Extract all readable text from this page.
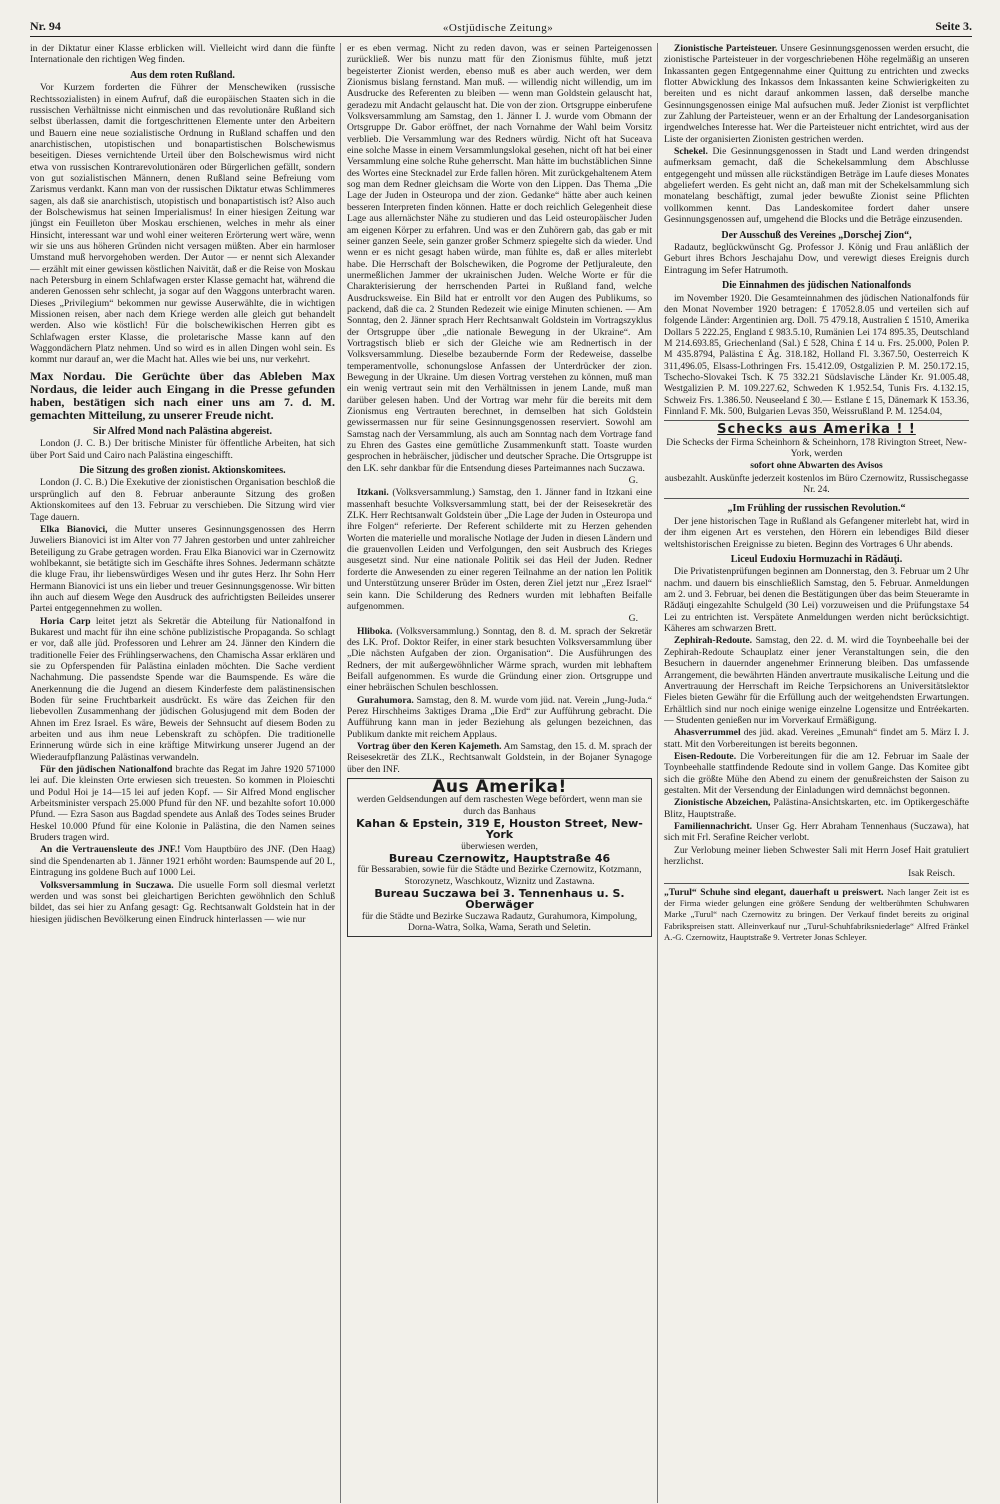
Nr. 94	«Ostjüdische Zeitung»	Seite 3.

in der Diktatur einer Klasse erblicken will. Vielleicht wird dann die fünfte Internationale den richtigen Weg finden.

Aus dem roten Rußland.

Vor Kurzem forderten die Führer der Menschewiken (russische Rechtssozialisten) in einem Aufruf, daß die europäischen Staaten sich in die russischen Verhältnisse nicht einmischen und das revolutionäre Rußland sich selbst überlassen, damit die fortgeschrittenen Elemente unter den Arbeitern und Bauern eine neue sozialistische Ordnung in Rußland schaffen und den anarchistischen, utopistischen und bonapartistischen Bolschewismus beseitigen. Dieses vernichtende Urteil über den Bolschewismus wird nicht etwa von russischen Kontrarevolutionären oder Bürgerlichen gefällt, sondern von gut sozialistischen Männern, denen Rußland seine Befreiung vom Zarismus verdankt. Kann man von der russischen Diktatur etwas Schlimmeres sagen, als daß sie anarchistisch, utopistisch und bonapartistisch ist? Also auch der Bolschewismus hat seinen Imperialismus! In einer hiesigen Zeitung war jüngst ein Feuilleton über Moskau erschienen, welches in mehr als einer Hinsicht, interessant war und wohl einer weiteren Erörterung wert wäre, wenn wir sie uns aus höheren Gründen nicht versagen müßten. Aber ein harmloser Umstand muß hervorgehoben werden. Der Autor — er nennt sich Alexander — erzählt mit einer gewissen köstlichen Naivität, daß er die Reise von Moskau nach Petersburg in einem Schlafwagen erster Klasse gemacht hat, während die anderen Genossen sehr schlecht, ja sogar auf den Waggons unterbracht waren. Dieses „Privilegium“ bekommen nur gewisse Auserwählte, die in wichtigen Missionen reisen, aber nach dem Kriege werden alle gleich gut behandelt werden. Also wie köstlich! Für die bolschewikischen Herren gibt es Schlafwagen erster Klasse, die proletarische Masse kann auf den Waggondächern Platz nehmen. Und so wird es in allen Dingen wohl sein. Es kommt nur darauf an, wer die Macht hat. Alles wie bei uns, nur verkehrt.

Max Nordau. Die Gerüchte über das Ableben Max Nordaus, die leider auch Eingang in die Presse gefunden haben, bestätigen sich nach einer uns am 7. d. M. gemachten Mitteilung, zu unserer Freude nicht.
Sir Alfred Mond nach Palästina abgereist.

London (J. C. B.) Der britische Minister für öffentliche Arbeiten, hat sich über Port Said und Cairo nach Palästina eingeschifft.

Die Sitzung des großen zionist. Aktionskomitees.

London (J. C. B.) Die Exekutive der zionistischen Organisation beschloß die ursprünglich auf den 8. Februar anberaunte Sitzung des großen Aktionskomitees auf den 13. Februar zu verschieben. Die Sitzung wird vier Tage dauern.

Elka Bianovici, die Mutter unseres Gesinnungsgenossen des Herrn Juweliers Bianovici ist im Alter von 77 Jahren gestorben und unter zahlreicher Beteiligung zu Grabe getragen worden. Frau Elka Bianovici war in Czernowitz wohlbekannt, sie betätigte sich im Geschäfte ihres Sohnes. Jedermann schätzte die kluge Frau, ihr liebenswürdiges Wesen und ihr gutes Herz. Ihr Sohn Herr Hermann Bianovici ist uns ein lieber und treuer Gesinnungsgenosse. Wir bitten ihn auch auf diesem Wege den Ausdruck des aufrichtigsten Beileides unserer Partei entgegennehmen zu wollen.

Horia Carp leitet jetzt als Sekretär die Abteilung für Nationalfond in Bukarest und macht für ihn eine schöne publizistische Propaganda. So schlagt er vor, daß alle jüd. Professoren und Lehrer am 24. Jänner den Kindern die traditionelle Feier des Frühlingserwachens, den Chamischa Assar erklären und sie zu Opferspenden für Palästina einladen möchten. Die Sache verdient Nachahmung. Die passendste Spende war die Baumspende. Es wäre die Anerkennung die die Jugend an diesem Kinderfeste dem palästinensischen Boden für seine Fruchtbarkeit ausdrückt. Es wäre das Zeichen für den liebevollen Zusammenhang der jüdischen Golusjugend mit dem Boden der Ahnen im Erez Israel. Es wäre, Beweis der Sehnsucht auf diesem Boden zu arbeiten und aus ihm neue Lebenskraft zu schöpfen. Die traditionelle Erinnerung würde sich in eine kräftige Mitwirkung unserer Jugend an der Wiederaufpflanzung Palästinas verwandeln.

Für den jüdischen Nationalfond brachte das Regat im Jahre 1920 571000 lei auf. Die kleinsten Orte erwiesen sich treuesten. So kommen in Ploieschti und Podul Hoi je 14—15 lei auf jeden Kopf. — Sir Alfred Mond englischer Arbeitsminister verspach 25.000 Pfund für den NF. und bezahlte sofort 10.000 Pfund. — Ezra Sason aus Bagdad spendete aus Anlaß des Todes seines Bruder Heskel 10.000 Pfund für eine Kolonie in Palästina, die den Namen seines Bruders tragen wird.

An die Vertrauensleute des JNF.! Vom Hauptbüro des JNF. (Den Haag) sind die Spendenarten ab 1. Jänner 1921 erhöht worden: Baumspende auf 20 L, Eintragung ins goldene Buch auf 1000 Lei.

Volksversammlung in Suczawa. Die usuelle Form soll diesmal verletzt werden und was sonst bei gleichartigen Berichten gewöhnlich den Schluß bildet, das sei hier zu Anfang gesagt: Gg. Rechtsanwalt Goldstein hat in der hiesigen jüdischen Bevölkerung einen Eindruck hinterlassen — wie nur

er es eben vermag. Nicht zu reden davon, was er seinen Parteigenossen zurückließ. Wer bis nunzu matt für den Zionismus fühlte, muß jetzt begeisterter Zionist werden, ebenso muß es aber auch werden, wer dem Zionismus bislang fernstand. Man muß. — willendig nicht willendig, um im Ausdrucke des Referenten zu bleiben — wenn man Goldstein gelauscht hat, geradezu mit Andacht gelauscht hat. Die von der zion. Ortsgruppe einberufene Volksversammlung am Samstag, den 1. Jänner I. J. wurde vom Obmann der Ortsgruppe Dr. Gabor eröffnet, der nach Vornahme der Wahl beim Vorsitz verblieb. Die Versammlung war des Redners würdig. Nicht oft hat Suceava eine solche Masse in einem Versammlungslokal gesehen, nicht oft hat bei einer Versammlung eine solche Ruhe geherrscht. Man hätte im buchstäblichen Sinne des Wortes eine Stecknadel zur Erde fallen hören. Mit zurückgehaltenem Atem sog man dem Redner gleichsam die Worte von den Lippen. Das Thema „Die Lage der Juden in Osteuropa und der zion. Gedanke“ hätte aber auch keinen besseren Interpreten finden können. Hatte er doch reichlich Gelegenheit diese Lage aus allernächster Nähe zu studieren und das Leid osteuropäischer Juden am eigenen Körper zu erfahren. Und was er den Zuhörern gab, das gab er mit seiner ganzen Seele, sein ganzer großer Schmerz spiegelte sich da wieder. Und wenn er es nicht gesagt haben würde, man fühlte es, daß er alles miterlebt habe. Die Herrschaft der Bolschewiken, die Pogrome der Petljuraleute, den unermeßlichen Jammer der ukrainischen Juden. Welche Worte er für die Charakterisierung der herrschenden Partei in Rußland fand, welche Ausdrucksweise. Ein Bild hat er entrollt vor den Augen des Publikums, so packend, daß die ca. 2 Stunden Redezeit wie einige Minuten schienen. — Am Sonntag, den 2. Jänner sprach Herr Rechtsanwalt Goldstein im Vortragszyklus der Ortsgruppe über „die nationale Bewegung in der Ukraine“. Am Vortragstisch blieb er sich der Gleiche wie am Rednertisch in der Volksversammlung. Dieselbe bezaubernde Form der Redeweise, dasselbe temperamentvolle, schonungslose Anfassen der Unterdrücker der zion. Bewegung in der Ukraine. Um diesen Vortrag verstehen zu können, muß man ein wenig vertraut sein mit den Verhältnissen in jenem Lande, muß man darüber gelesen haben. Und der Vortrag war mehr für die bereits mit dem Zionismus eng Vertrauten berechnet, in demselben hat sich Goldstein gewissermassen nur für seine Gesinnungsgenossen reserviert. Sowohl am Samstag nach der Versammlung, als auch am Sonntag nach dem Vortrage fand zu Ehren des Gastes eine gemütliche Zusammenkunft statt. Toaste wurden gesprochen in hebräischer, jüdischer und deutscher Sprache. Die Ortsgruppe ist den LK. sehr dankbar für die Entsendung dieses Parteimannes nach Suczawa.

G.

Itzkani. (Volksversammlung.) Samstag, den 1. Jänner fand in Itzkani eine massenhaft besuchte Volksversammlung statt, bei der der Reisesekretär des ZLK. Herr Rechtsanwalt Goldstein über „Die Lage der Juden in Osteuropa und ihre Folgen“ referierte. Der Referent schilderte mit zu Herzen gehenden Worten die materielle und moralische Notlage der Juden in diesen Ländern und die grauenvollen Leiden und Verfolgungen, den seit Ausbruch des Krieges ausgesetzt sind. Nur eine nationale Politik sei das Heil der Juden. Redner forderte die Anwesenden zu einer regeren Teilnahme an der nation len Politik und Unterstützung unserer Brüder im Osten, deren Ziel jetzt nur „Erez Israel“ sein kann. Die Schilderung des Redners wurden mit lebhaften Beifalle aufgenommen.

G.

Hliboka. (Volksversammlung.) Sonntag, den 8. d. M. sprach der Sekretär des LK. Prof. Doktor Reifer, in einer stark besuchten Volksversammlung über „Die nächsten Aufgaben der zion. Organisation“. Die Ausführungen des Redners, der mit außergewöhnlicher Wärme sprach, wurden mit lebhaftem Beifall aufgenommen. Es wurde die Gründung einer zion. Ortsgruppe und einer hebräischen Schulen beschlossen.

Gurahumora. Samstag, den 8. M. wurde vom jüd. nat. Verein „Jung-Juda.“ Perez Hirschheims 3aktiges Drama „Die Erd“ zur Aufführung gebracht. Die Aufführung kann man in jeder Beziehung als gelungen bezeichnen, das Publikum dankte mit reichem Applaus.

Vortrag über den Keren Kajemeth. Am Samstag, den 15. d. M. sprach der Reisesekretär des ZLK., Rechtsanwalt Goldstein, in der Bojaner Synagoge über den INF.

Aus Amerika!

werden Geldsendungen auf dem raschesten Wege befördert, wenn man sie durch das Banhaus

Kahan & Epstein, 319 E, Houston Street, New-York

überwiesen werden,

Bureau Czernowitz, Hauptstraße 46

für Bessarabien, sowie für die Städte und Bezirke Czernowitz, Kotzmann, Storozynetz, Waschkoutz, Wiznitz und Zastawna.

Bureau Suczawa bei 3. Tennenhaus u. S. Oberwäger

für die Städte und Bezirke Suczawa Radautz, Gurahumora, Kimpolung, Dorna-Watra, Solka, Wama, Serath und Seletin.

Zionistische Parteisteuer. Unsere Gesinnungsgenossen werden ersucht, die zionistische Parteisteuer in der vorgeschriebenen Höhe regelmäßig an unseren Inkassanten gegen Entgegennahme einer Quittung zu entrichten und zwecks flotter Abwicklung des Inkassos dem Inkassanten keine Schwierigkeiten zu bereiten und es nicht darauf ankommen lassen, daß derselbe manche Gesinnungsgenossen einige Mal aufsuchen muß. Jeder Zionist ist verpflichtet zur Zahlung der Parteisteuer, wenn er an der Erhaltung der Landesorganisation irgendwelches Interesse hat. Wer die Parteisteuer nicht entrichtet, wird aus der Liste der organisierten Zionisten gestrichen werden.

Schekel. Die Gesinnungsgenossen in Stadt und Land werden dringendst aufmerksam gemacht, daß die Schekelsammlung dem Abschlusse entgegengeht und müssen alle rückständigen Beträge im Laufe dieses Monates abgeliefert werden. Es geht nicht an, daß man mit der Schekelsammlung sich monatelang beschäftigt, zumal jeder bewußte Zionist seine Pflichten vollkommen kennt. Das Landeskomitee fordert daher unsere Gesinnungsgenossen auf, umgehend die Blocks und die Beträge einzusenden.

Der Ausschuß des Vereines „Dorschej Zion“,

Radautz, beglückwünscht Gg. Professor J. König und Frau anläßlich der Geburt ihres Bchors Jeschajahu Dow, und verewigt dieses Ereignis durch Eintragung im Sefer Hatrumoth.

Die Einnahmen des jüdischen Nationalfonds

im November 1920. Die Gesamteinnahmen des jüdischen Nationalfonds für den Monat November 1920 betragen: £ 17052.8.05 und verteilen sich auf folgende Länder: Argentinien arg. Doll. 75 479.18, Australien £ 1510, Amerika Dollars 5 222.25, England £ 983.5.10, Rumänien Lei 174 895.35, Deutschland M 214.693.85, Griechenland (Sal.) £ 528, China £ 14 u. Frs. 25.000, Polen P. M 435.8794, Palästina £ Äg. 318.182, Holland Fl. 3.367.50, Oesterreich K 311,496.05, Elsass-Lothringen Frs. 15.412.09, Ostgalizien P. M. 250.172.15, Tschecho-Slovakei Tsch. K 75 332.21 Südslavische Länder Kr. 91.005.48, Westgalizien P. M. 109.227.62, Schweden K 1.952.54, Tunis Frs. 4.132.15, Schweiz Frs. 1.386.50. Neuseeland £ 30.— Estlane £ 15, Dänemark K 153.36, Finnland F. Mk. 500, Bulgarien Levas 350, Weissrußland P. M. 1254.04,

Schecks aus Amerika ! !

Die Schecks der Firma Scheinhorn & Scheinhorn, 178 Rivington Street, New-York, werden

sofort ohne Abwarten des Avisos

ausbezahlt. Auskünfte jederzeit kostenlos im Büro Czernowitz, Russischegasse Nr. 24.

„Im Frühling der russischen Revolution.“

Der jene historischen Tage in Rußland als Gefangener miterlebt hat, wird in der ihm eigenen Art es verstehen, den Hörern ein lebendiges Bild dieser weltshistorischen Ereignisse zu bieten. Beginn des Vortrages 6 Uhr abends.

Liceul Eudoxiu Hormuzachi in Rădăuţi.

Die Privatistenprüfungen beginnen am Donnerstag, den 3. Februar um 2 Uhr nachm. und dauern bis einschließlich Samstag, den 5. Februar. Anmeldungen am 2. und 3. Februar, bei denen die Bestätigungen über das beim Steueramte in Rădăuţi eingezahlte Schulgeld (30 Lei) vorzuweisen und die Prüfungstaxe 54 Lei zu entrichten ist. Verspätete Anmeldungen werden nicht berücksichtigt. Käheres am schwarzen Brett.

Zephirah-Redoute. Samstag, den 22. d. M. wird die Toynbeehalle bei der Zephirah-Redoute Schauplatz einer jener Veranstaltungen sein, die den Besuchern in dauernder angenehmer Erinnerung bleiben. Das umfassende Arrangement, die bewährten Händen anvertraute musikalische Leitung und die Anvertrauung der Herrschaft im Reiche Terpsichorens an Universitätslektor Fieles bieten Gewähr für die Erfüllung auch der weitgehendsten Erwartungen. Erhältlich sind nur noch einige wenige einzelne Logensitze und Entréekarten. — Studenten genießen nur im Vorverkauf Ermäßigung.

Ahasverrummel des jüd. akad. Vereines „Emunah“ findet am 5. März I. J. statt. Mit den Vorbereitungen ist bereits begonnen.

Eisen-Redoute. Die Vorbereitungen für die am 12. Februar im Saale der Toynbeehalle stattfindende Redoute sind in vollem Gange. Das Komitee gibt sich die größte Mühe den Abend zu einem der genußreichsten der Saison zu gestalten. Mit der Versendung der Einladungen wird demnächst begonnen.

Zionistische Abzeichen, Palästina-Ansichtskarten, etc. im Optikergeschäfte Blitz, Hauptstraße.

Familiennachricht. Unser Gg. Herr Abraham Tennenhaus (Suczawa), hat sich mit Frl. Serafine Reicher verlobt.

Zur Verlobung meiner lieben Schwester Sali mit Herrn Josef Hait gratuliert herzlichst.

Isak Reisch.

„Turul“ Schuhe sind elegant, dauerhaft u preiswert. Nach langer Zeit ist es der Firma wieder gelungen eine größere Sendung der weltberühmten Schuhwaren Marke „Turul“ nach Czernowitz zu bringen. Der Verkauf findet bereits zu original Fabrikspreisen statt. Alleinverkauf nur „Turul-Schuhfabriksniederlage“ Alfred Fränkel A.-G. Czernowitz, Hauptstraße 9. Vertreter Jonas Schleyer.
